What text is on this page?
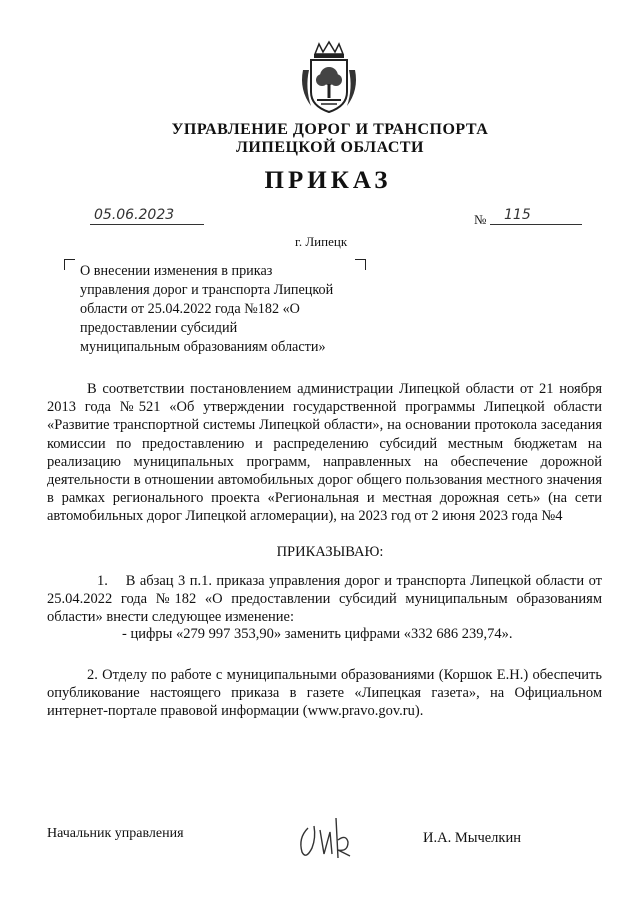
УПРАВЛЕНИЕ ДОРОГ И ТРАНСПОРТА
ЛИПЕЦКОЙ ОБЛАСТИ
ПРИКАЗ
05.06.2023	№	115
г. Липецк
О внесении изменения в приказ
управления дорог и транспорта Липецкой
области от 25.04.2022 года №182 «О
предоставлении субсидий
муниципальным образованиям области»
В соответствии постановлением администрации Липецкой области от 21 ноября 2013 года №521 «Об утверждении государственной программы Липецкой области «Развитие транспортной системы Липецкой области», на основании протокола заседания комиссии по предоставлению и распределению субсидий местным бюджетам на реализацию муниципальных программ, направленных на обеспечение дорожной деятельности в отношении автомобильных дорог общего пользования местного значения в рамках регионального проекта «Региональная и местная дорожная сеть» (на сети автомобильных дорог Липецкой агломерации), на 2023 год от 2 июня 2023 года №4
ПРИКАЗЫВАЮ:
1.    В абзац 3 п.1. приказа управления дорог и транспорта Липецкой области от 25.04.2022 года №182 «О предоставлении субсидий муниципальным образованиям области» внести следующее изменение:
- цифры «279 997 353,90» заменить цифрами «332 686 239,74».
2. Отделу по работе с муниципальными образованиями (Коршок Е.Н.) обеспечить опубликование настоящего приказа в газете «Липецкая газета», на Официальном интернет-портале правовой информации (www.pravo.gov.ru).
Начальник управления	И.А. Мычелкин
